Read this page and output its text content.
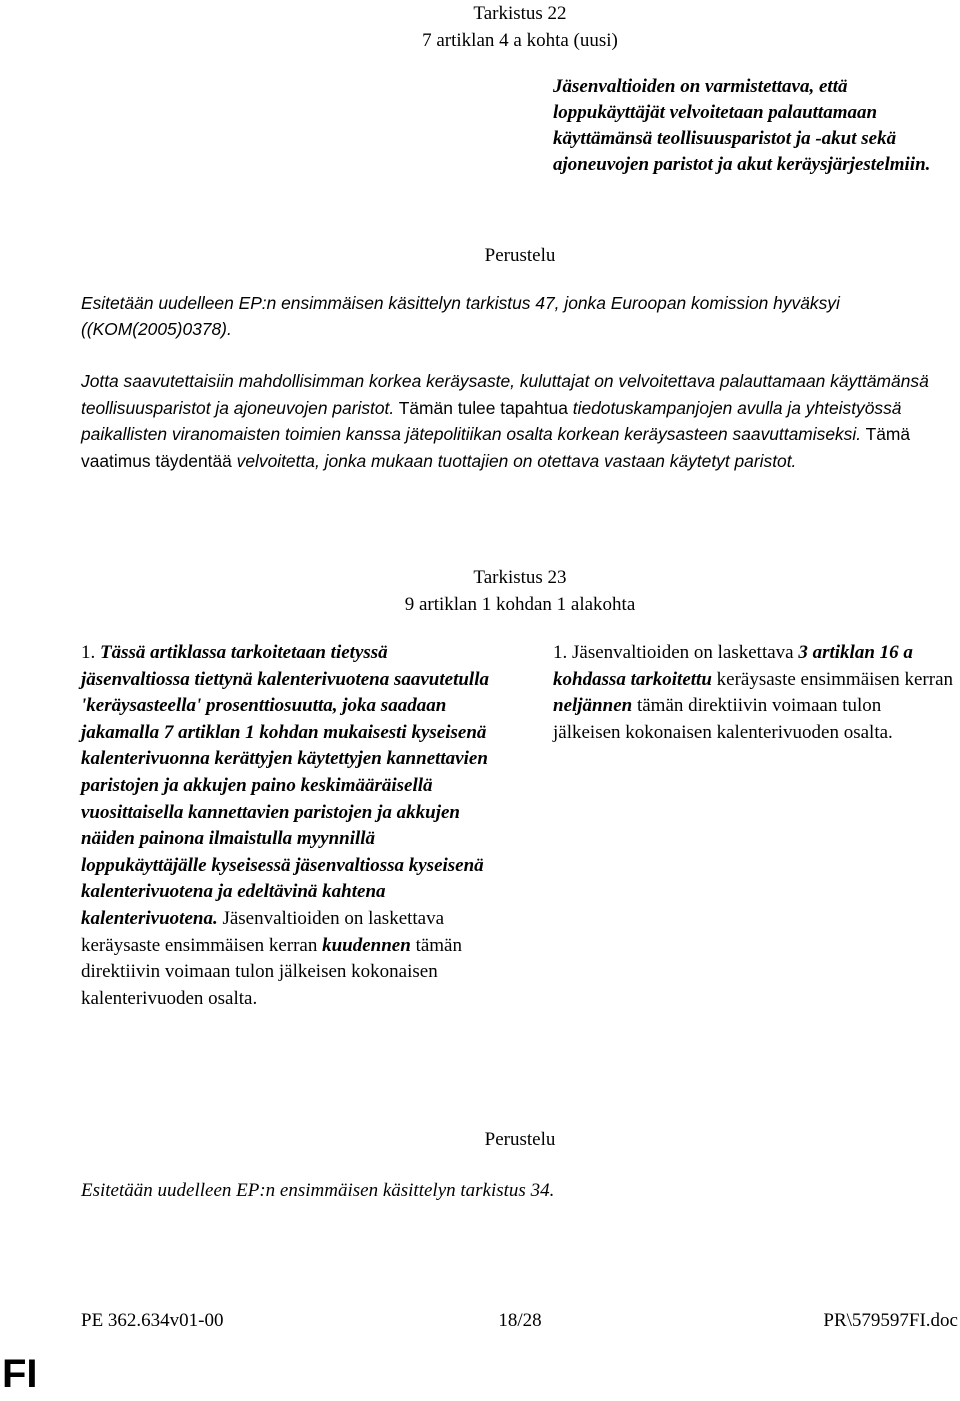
Tarkistus 22
7 artiklan 4 a kohta (uusi)
Jäsenvaltioiden on varmistettava, että loppukäyttäjät velvoitetaan palauttamaan käyttämänsä teollisuusparistot ja -akut sekä ajoneuvojen paristot ja akut keräysjärjestelmiin.
Perustelu

Esitetään uudelleen EP:n ensimmäisen käsittelyn tarkistus 47, jonka Euroopan komission hyväksyi ((KOM(2005)0378).

Jotta saavutettaisiin mahdollisimman korkea keräysaste, kuluttajat on velvoitettava palauttamaan käyttämänsä teollisuusparistot ja ajoneuvojen paristot. Tämän tulee tapahtua tiedotuskampanjojen avulla ja yhteistyössä paikallisten viranomaisten toimien kanssa jätepolitiikan osalta korkean keräysasteen saavuttamiseksi. Tämä vaatimus täydentää velvoitetta, jonka mukaan tuottajien on otettava vastaan käytetyt paristot.

Tarkistus 23
9 artiklan 1 kohdan 1 alakohta
1. Tässä artiklassa tarkoitetaan tietyssä jäsenvaltiossa tiettynä kalenterivuotena saavutetulla 'keräysasteella' prosenttiosuutta, joka saadaan jakamalla 7 artiklan 1 kohdan mukaisesti kyseisenä kalenterivuonna kerättyjen käytettyjen kannettavien paristojen ja akkujen paino keskimääräisellä vuosittaisella kannettavien paristojen ja akkujen näiden painona ilmaistulla myynnillä loppukäyttäjälle kyseisessä jäsenvaltiossa kyseisenä kalenterivuotena ja edeltävinä kahtena kalenterivuotena. Jäsenvaltioiden on laskettava keräysaste ensimmäisen kerran kuudennen tämän direktiivin voimaan tulon jälkeisen kokonaisen kalenterivuoden osalta.
1. Jäsenvaltioiden on laskettava 3 artiklan 16 a kohdassa tarkoitettu keräysaste ensimmäisen kerran neljännen tämän direktiivin voimaan tulon jälkeisen kokonaisen kalenterivuoden osalta.
Perustelu

Esitetään uudelleen EP:n ensimmäisen käsittelyn tarkistus 34.

PE 362.634v01-00	18/28	PR\579597FI.doc
FI
